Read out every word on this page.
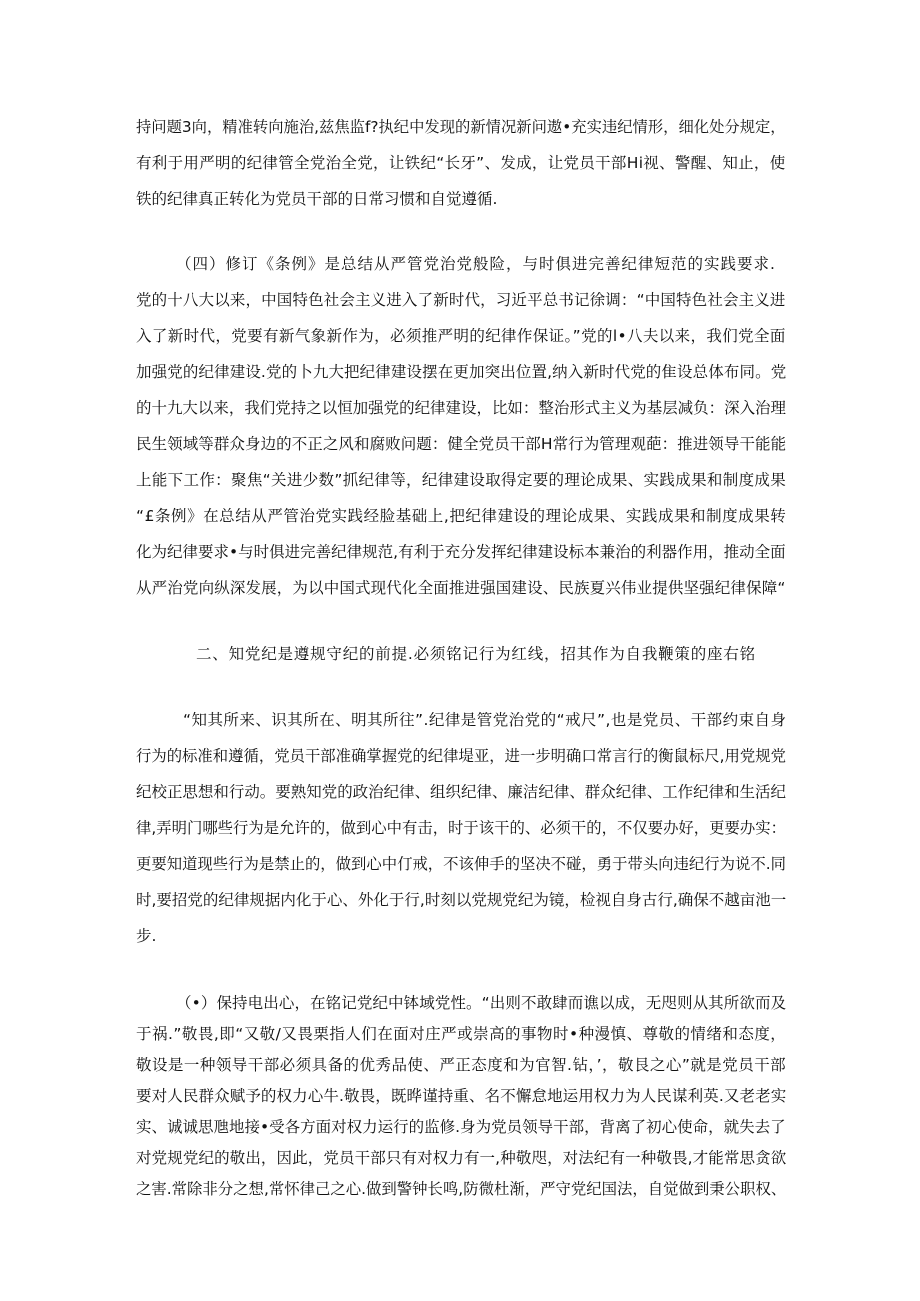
持问题3向，精准转向施治,兹焦监f?执纪中发现的新情况新问遨•充实违纪情形，细化处分规定，
有利于用严明的纪律管全党治全党，让铁纪“长牙”、发成，让党员干部Hi视、警醒、知止，使
铁的纪律真正转化为党员干部的日常习惯和自觉遵循.
（四）修订《条例》是总结从严管党治党般险，与时俱进完善纪律短范的实践要求.
党的十八大以来，中国特色社会主义进入了新时代，习近平总书记徐调：“中国特色社会主义进
入了新时代，党要有新气象新作为，必须推严明的纪律作保证。”党的l•八夫以来，我们党全面
加强党的纪律建设.党的卜九大把纪律建设摆在更加突出位置,纳入新时代党的隹设总体布同。党
的十九大以来，我们党持之以恒加强党的纪律建设，比如：整治形式主义为基层减负：深入治理
民生领域等群众身边的不正之风和腐败问题：健全党员干部H常行为管理观葩：推进领导干能能
上能下工作：聚焦“关进少数”抓纪律等，纪律建设取得定要的理论成果、实践成果和制度成果
“£条例》在总结从严管治党实践经脸基础上,把纪律建设的理论成果、实践成果和制度成果转
化为纪律要求•与时俱进完善纪律规范,有利于充分发挥纪律建设标本兼治的利器作用，推动全面
从严治党向纵深发展，为以中国式现代化全面推进强国建设、民族夏兴伟业提供坚强纪律保障“
二、知党纪是遵规守纪的前提.必须铭记行为红线，招其作为自我鞭策的座右铭
“知其所来、识其所在、明其所往”.纪律是管党治党的“戒尺”,也是党员、干部约束自身
行为的标准和遵循，党员干部准确掌握党的纪律堤亚，进一步明确口常言行的衡鼠标尺,用党规党
纪校正思想和行动。要熟知党的政治纪律、组织纪律、廉洁纪律、群众纪律、工作纪律和生活纪
律,弄明门哪些行为是允许的，做到心中有击，时于该干的、必须干的，不仅要办好，更要办实：
更要知道现些行为是禁止的，做到心中仃戒，不该伸手的坚决不碰，勇于带头向违纪行为说不.同
时,要招党的纪律规据内化于心、外化于行,时刻以党规党纪为镜，检视自身古行,确保不越亩池一
步.
（•）保持电出心，在铭记党纪中钵域党性。“出则不敢肆而谯以成，无咫则从其所欲而及
于祸.”敬畏,即“又敬/又畏栗指人们在面对庄严或崇高的事物时•种漫慎、尊敬的情绪和态度，
敬设是一种领导干部必须具备的优秀品使、严正态度和为官智.钻，’，敬艮之心”就是党员干部
要对人民群众赋予的权力心牛.敬畏，既晔谨持重、名不懈怠地运用权力为人民谋利英.又老老实
实、诚诚思虺地接•受各方面对权力运行的监修.身为党员领导干部，背离了初心使命，就失去了
对党规党纪的敬出，因此，党员干部只有对权力有一,种敬咫，对法纪有一种敬畏,才能常思贪欲
之害.常除非分之想,常怀律己之心.做到警钟长鸣,防微杜渐，严守党纪国法，自觉做到秉公职权、
